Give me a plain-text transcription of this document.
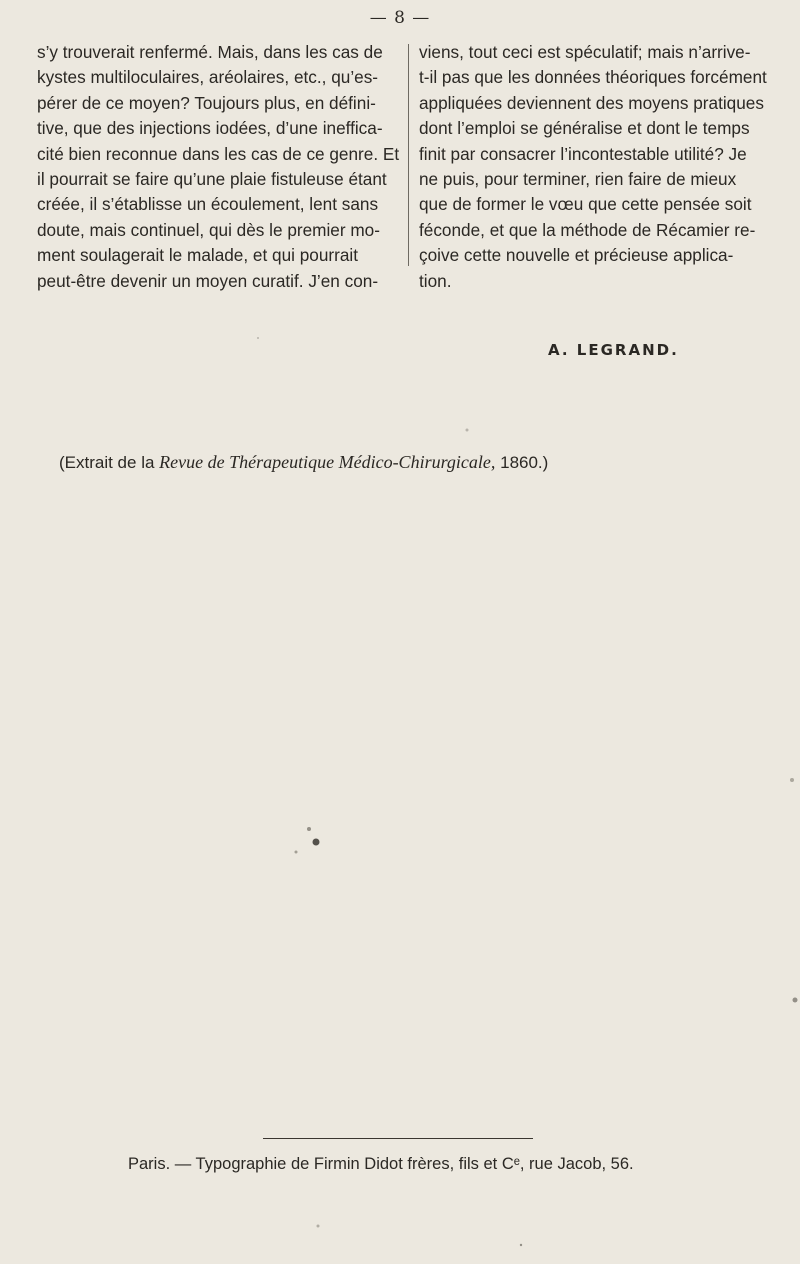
— 8 —
s’y trouverait renfermé. Mais, dans les cas de
kystes multiloculaires, aréolaires, etc., qu’es-
pérer de ce moyen? Toujours plus, en défini-
tive, que des injections iodées, d’une ineffica-
cité bien reconnue dans les cas de ce genre. Et
il pourrait se faire qu’une plaie fistuleuse étant
créée, il s’établisse un écoulement, lent sans
doute, mais continuel, qui dès le premier mo-
ment soulagerait le malade, et qui pourrait
peut-être devenir un moyen curatif. J’en con-
viens, tout ceci est spéculatif; mais n’arrive-
t-il pas que les données théoriques forcément
appliquées deviennent des moyens pratiques
dont l’emploi se généralise et dont le temps
finit par consacrer l’incontestable utilité? Je
ne puis, pour terminer, rien faire de mieux
que de former le vœu que cette pensée soit
féconde, et que la méthode de Récamier re-
çoive cette nouvelle et précieuse applica-
tion.
A. LEGRAND.
(Extrait de la Revue de Thérapeutique Médico-Chirurgicale, 1860.)
Paris. — Typographie de Firmin Didot frères, fils et Cᵉ, rue Jacob, 56.
